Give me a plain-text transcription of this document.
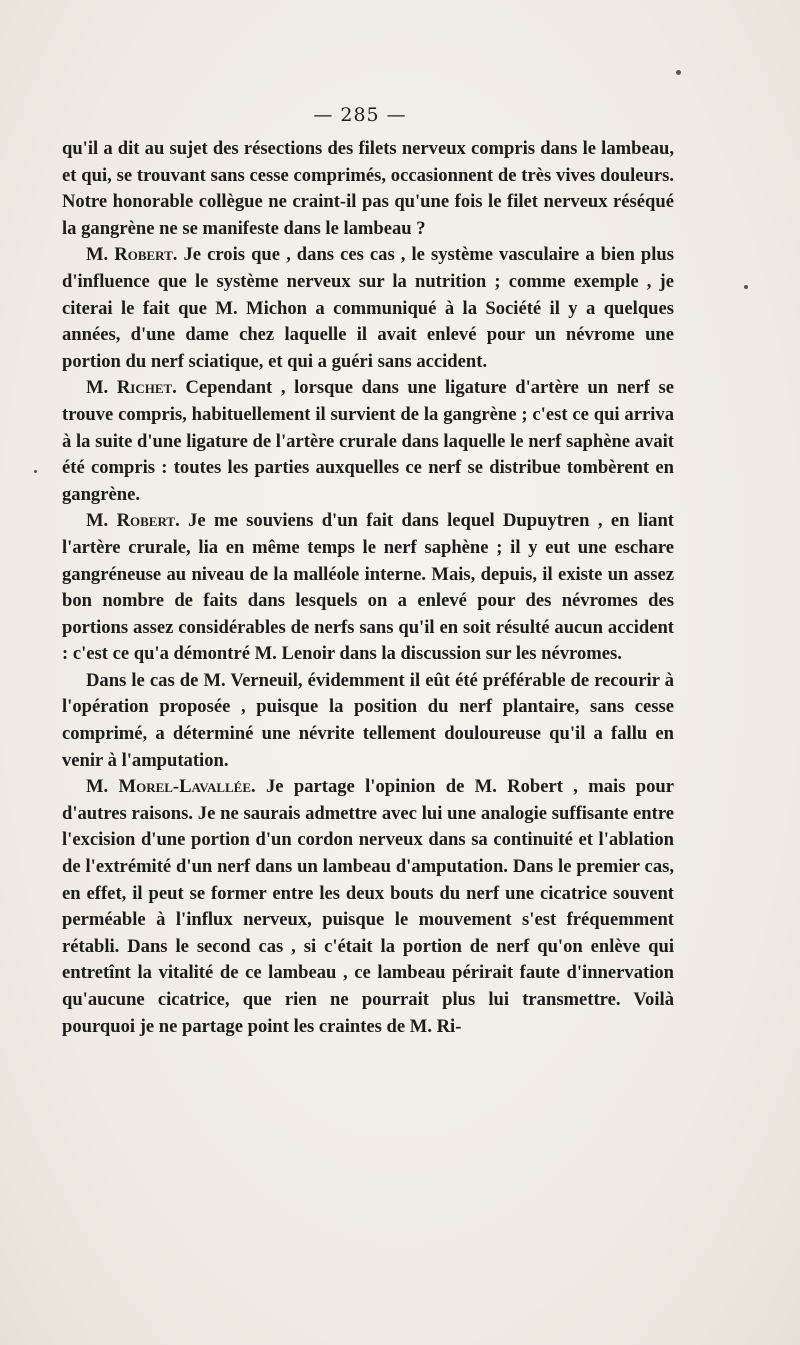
— 285 —

qu'il a dit au sujet des résections des filets nerveux compris dans le lambeau, et qui, se trouvant sans cesse comprimés, occasionnent de très vives douleurs. Notre honorable collègue ne craint-il pas qu'une fois le filet nerveux réséqué la gangrène ne se manifeste dans le lambeau ?

M. Robert. Je crois que , dans ces cas , le système vasculaire a bien plus d'influence que le système nerveux sur la nutrition ; comme exemple , je citerai le fait que M. Michon a communiqué à la Société il y a quelques années, d'une dame chez laquelle il avait enlevé pour un névrome une portion du nerf sciatique, et qui a guéri sans accident.

M. Richet. Cependant , lorsque dans une ligature d'artère un nerf se trouve compris, habituellement il survient de la gangrène ; c'est ce qui arriva à la suite d'une ligature de l'artère crurale dans laquelle le nerf saphène avait été compris : toutes les parties auxquelles ce nerf se distribue tombèrent en gangrène.

M. Robert. Je me souviens d'un fait dans lequel Dupuytren , en liant l'artère crurale, lia en même temps le nerf saphène ; il y eut une eschare gangréneuse au niveau de la malléole interne. Mais, depuis, il existe un assez bon nombre de faits dans lesquels on a enlevé pour des névromes des portions assez considérables de nerfs sans qu'il en soit résulté aucun accident : c'est ce qu'a démontré M. Lenoir dans la discussion sur les névromes.

Dans le cas de M. Verneuil, évidemment il eût été préférable de recourir à l'opération proposée , puisque la position du nerf plantaire, sans cesse comprimé, a déterminé une névrite tellement douloureuse qu'il a fallu en venir à l'amputation.

M. Morel-Lavallée. Je partage l'opinion de M. Robert , mais pour d'autres raisons. Je ne saurais admettre avec lui une analogie suffisante entre l'excision d'une portion d'un cordon nerveux dans sa continuité et l'ablation de l'extrémité d'un nerf dans un lambeau d'amputation. Dans le premier cas, en effet, il peut se former entre les deux bouts du nerf une cicatrice souvent perméable à l'influx nerveux, puisque le mouvement s'est fréquemment rétabli. Dans le second cas , si c'était la portion de nerf qu'on enlève qui entretînt la vitalité de ce lambeau , ce lambeau périrait faute d'innervation qu'aucune cicatrice, que rien ne pourrait plus lui transmettre. Voilà pourquoi je ne partage point les craintes de M. Ri-
